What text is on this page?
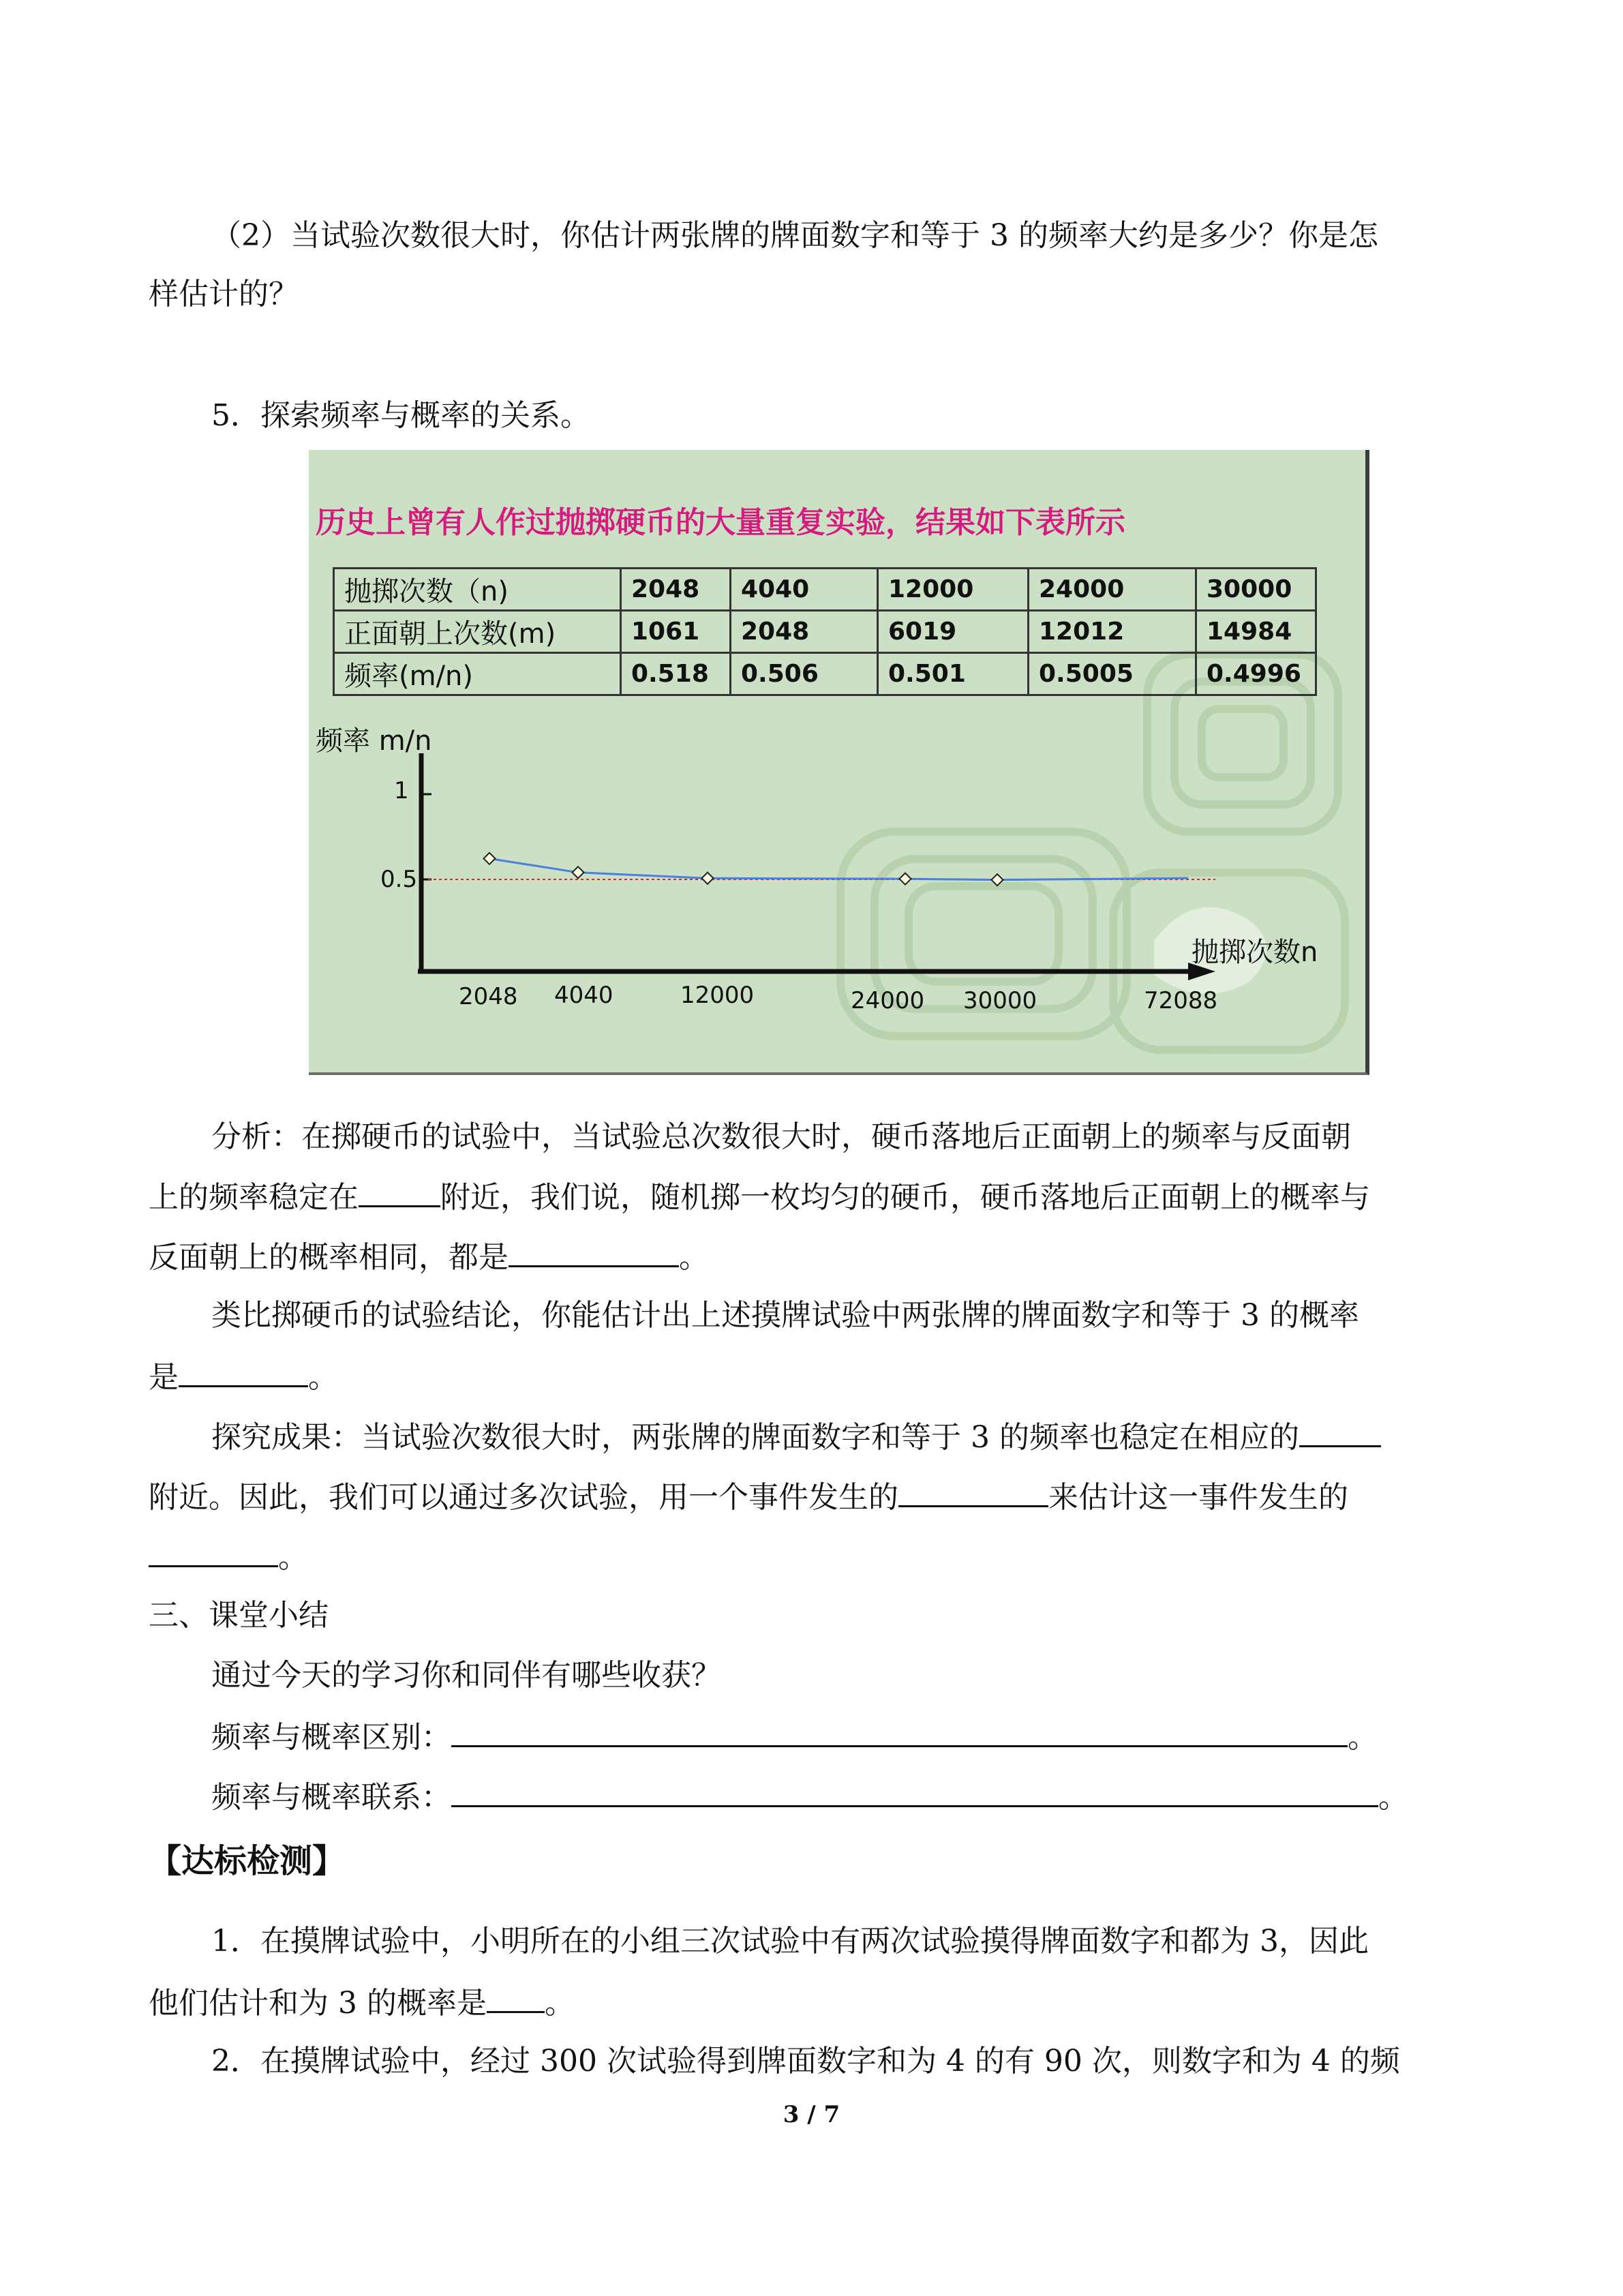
（2）当试验次数很大时，你估计两张牌的牌面数字和等于 3 的频率大约是多少？你是怎
样估计的？
5．探索频率与概率的关系。
历史上曾有人作过抛掷硬币的大量重复实验，结果如下表所示
抛掷次数（n)	2048	4040	12000	24000	30000
正面朝上次数(m)	1061	2048	6019	12012	14984
频率(m/n)	0.518	0.506	0.501	0.5005	0.4996
频率 m/n
抛掷次数n
1
0.5
2048 4040	12000	24000 30000	72088
分析：在掷硬币的试验中，当试验总次数很大时，硬币落地后正面朝上的频率与反面朝
上的频率稳定在	附近，我们说，随机掷一枚均匀的硬币，硬币落地后正面朝上的概率与
反面朝上的概率相同，都是	。
类比掷硬币的试验结论，你能估计出上述摸牌试验中两张牌的牌面数字和等于 3 的概率
是	。
探究成果：当试验次数很大时，两张牌的牌面数字和等于 3 的频率也稳定在相应的
附近。因此，我们可以通过多次试验，用一个事件发生的	来估计这一事件发生的
。
三、课堂小结
通过今天的学习你和同伴有哪些收获？
频率与概率区别：	。
频率与概率联系：	。
【达标检测】
1．在摸牌试验中，小明所在的小组三次试验中有两次试验摸得牌面数字和都为 3，因此
他们估计和为 3 的概率是 。
2．在摸牌试验中，经过 300 次试验得到牌面数字和为 4 的有 90 次，则数字和为 4 的频
3 / 7
